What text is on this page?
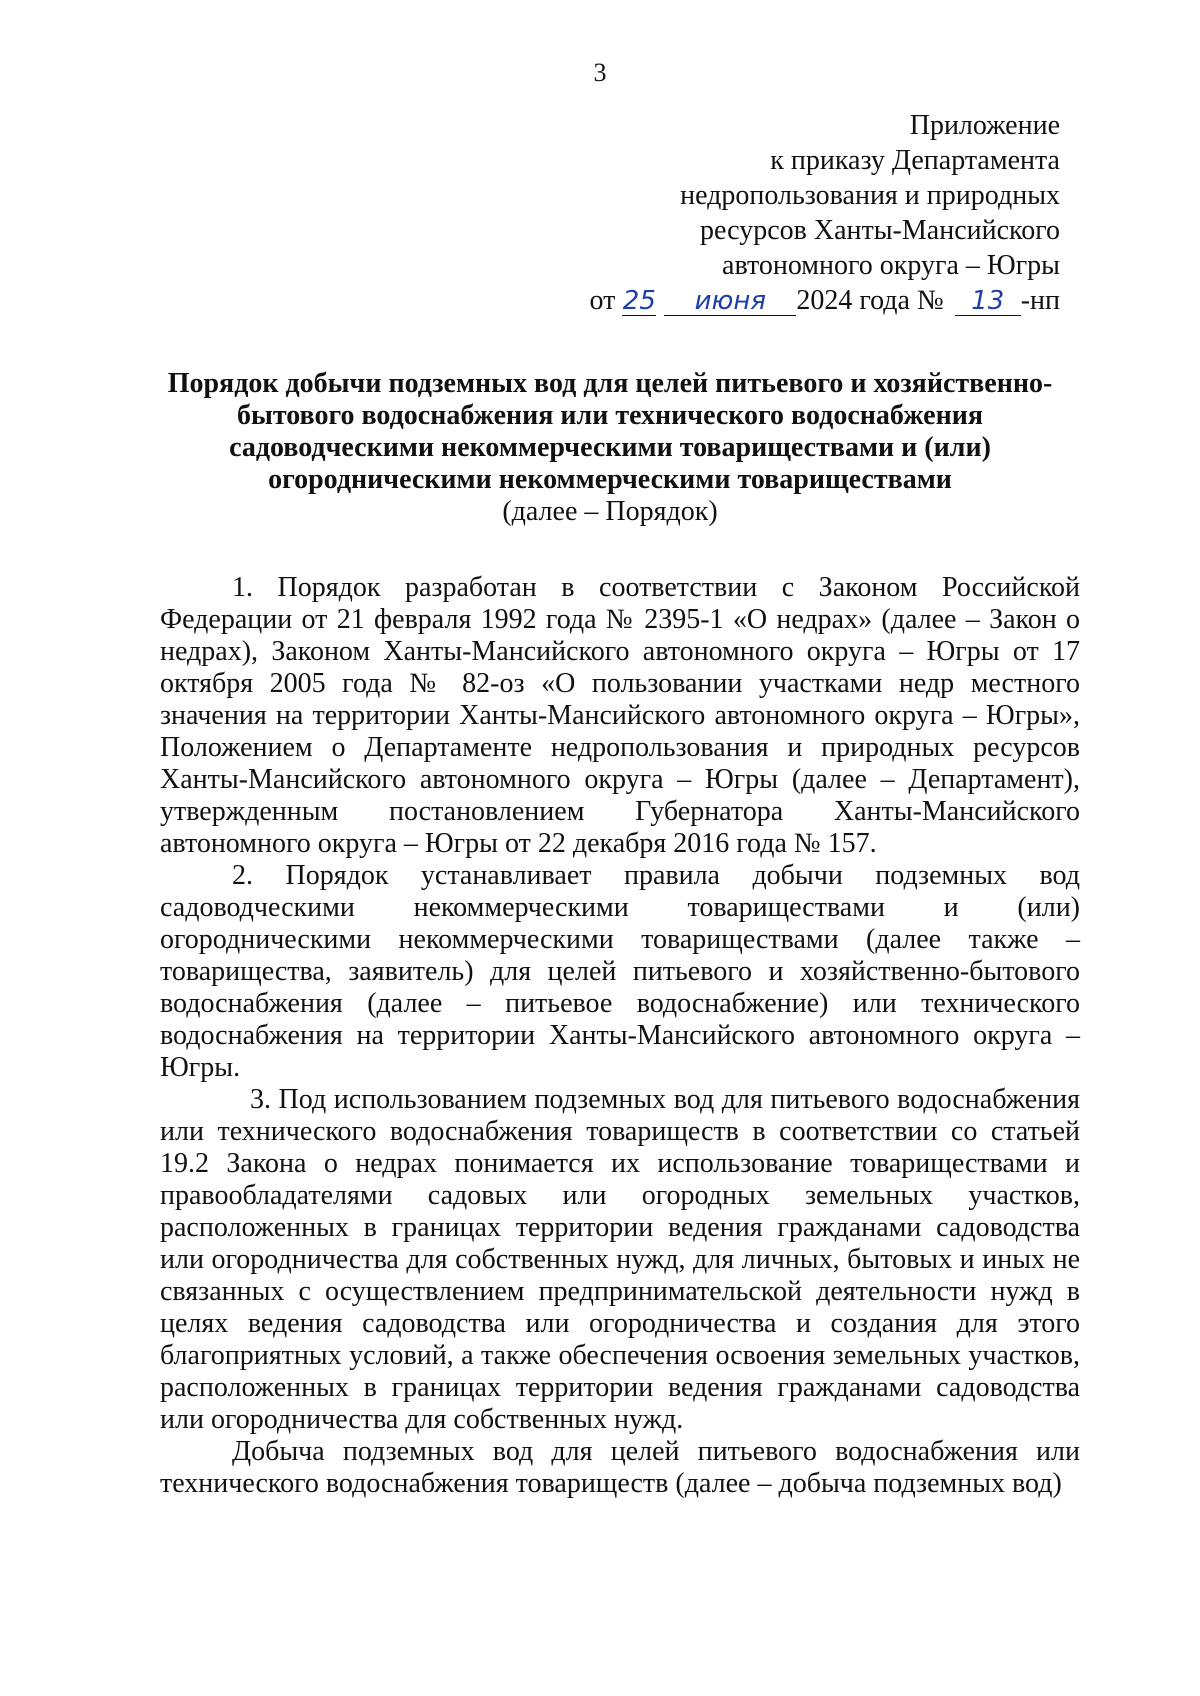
3
Приложение
к приказу Департамента
недропользования и природных
ресурсов Ханты-Мансийского
автономного округа – Югры
от 25 июня 2024 года № 13 -нп
Порядок добычи подземных вод для целей питьевого и хозяйственно-
бытового водоснабжения или технического водоснабжения
садоводческими некоммерческими товариществами и (или)
огородническими некоммерческими товариществами
(далее – Порядок)

1. Порядок разработан в соответствии с Законом Российской Федерации от 21 февраля 1992 года № 2395-1 «О недрах» (далее – Закон о недрах), Законом Ханты-Мансийского автономного округа – Югры от 17 октября 2005 года № 82-оз «О пользовании участками недр местного значения на территории Ханты-Мансийского автономного округа – Югры», Положением о Департаменте недропользования и природных ресурсов Ханты-Мансийского автономного округа – Югры (далее – Департамент), утвержденным постановлением Губернатора Ханты-Мансийского автономного округа – Югры от 22 декабря 2016 года № 157.

2. Порядок устанавливает правила добычи подземных вод садоводческими некоммерческими товариществами и (или) огородническими некоммерческими товариществами (далее также – товарищества, заявитель) для целей питьевого и хозяйственно-бытового водоснабжения (далее – питьевое водоснабжение) или технического водоснабжения на территории Ханты-Мансийского автономного округа – Югры.

3. Под использованием подземных вод для питьевого водоснабжения или технического водоснабжения товариществ в соответствии со статьей 19.2 Закона о недрах понимается их использование товариществами и правообладателями садовых или огородных земельных участков, расположенных в границах территории ведения гражданами садоводства или огородничества для собственных нужд, для личных, бытовых и иных не связанных с осуществлением предпринимательской деятельности нужд в целях ведения садоводства или огородничества и создания для этого благоприятных условий, а также обеспечения освоения земельных участков, расположенных в границах территории ведения гражданами садоводства или огородничества для собственных нужд.

Добыча подземных вод для целей питьевого водоснабжения или технического водоснабжения товариществ (далее – добыча подземных вод)
